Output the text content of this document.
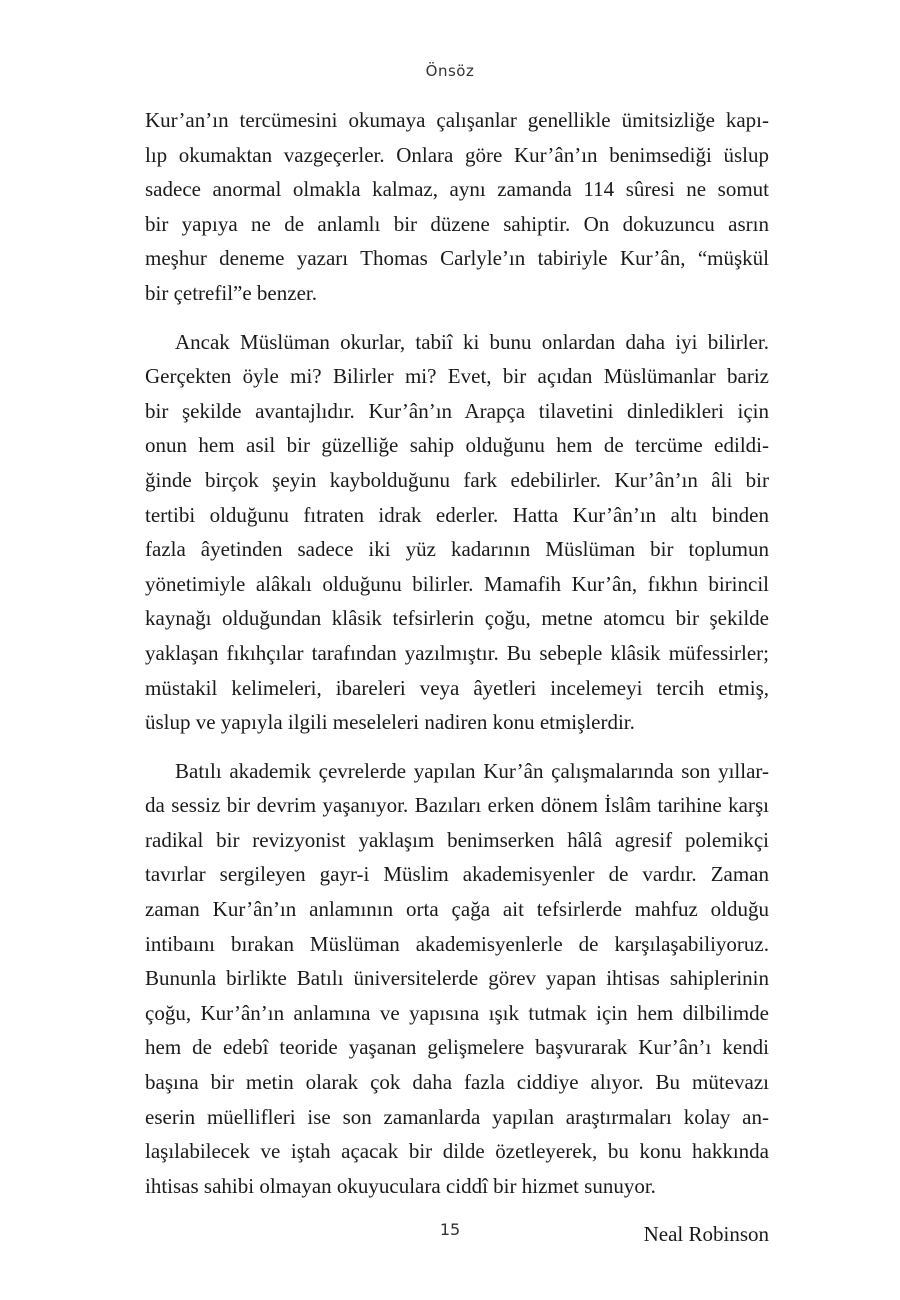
Önsöz
Kur’an’ın tercümesini okumaya çalışanlar genellikle ümitsizliğe kapı-
lıp okumaktan vazgeçerler. Onlara göre Kur’ân’ın benimsediği üslup
sadece anormal olmakla kalmaz, aynı zamanda 114 sûresi ne somut
bir yapıya ne de anlamlı bir düzene sahiptir. On dokuzuncu asrın
meşhur deneme yazarı Thomas Carlyle’ın tabiriyle Kur’ân, “müşkül
bir çetrefil”e benzer.
Ancak Müslüman okurlar, tabiî ki bunu onlardan daha iyi bilirler.
Gerçekten öyle mi? Bilirler mi? Evet, bir açıdan Müslümanlar bariz
bir şekilde avantajlıdır. Kur’ân’ın Arapça tilavetini dinledikleri için
onun hem asil bir güzelliğe sahip olduğunu hem de tercüme edildi-
ğinde birçok şeyin kaybolduğunu fark edebilirler. Kur’ân’ın âli bir
tertibi olduğunu fıtraten idrak ederler. Hatta Kur’ân’ın altı binden
fazla âyetinden sadece iki yüz kadarının Müslüman bir toplumun
yönetimiyle alâkalı olduğunu bilirler. Mamafih Kur’ân, fıkhın birincil
kaynağı olduğundan klâsik tefsirlerin çoğu, metne atomcu bir şekilde
yaklaşan fıkıhçılar tarafından yazılmıştır. Bu sebeple klâsik müfessirler;
müstakil kelimeleri, ibareleri veya âyetleri incelemeyi tercih etmiş,
üslup ve yapıyla ilgili meseleleri nadiren konu etmişlerdir.
Batılı akademik çevrelerde yapılan Kur’ân çalışmalarında son yıllar-
da sessiz bir devrim yaşanıyor. Bazıları erken dönem İslâm tarihine karşı
radikal bir revizyonist yaklaşım benimserken hâlâ agresif polemikçi
tavırlar sergileyen gayr-i Müslim akademisyenler de vardır. Zaman
zaman Kur’ân’ın anlamının orta çağa ait tefsirlerde mahfuz olduğu
intibaını bırakan Müslüman akademisyenlerle de karşılaşabiliyoruz.
Bununla birlikte Batılı üniversitelerde görev yapan ihtisas sahiplerinin
çoğu, Kur’ân’ın anlamına ve yapısına ışık tutmak için hem dilbilimde
hem de edebî teoride yaşanan gelişmelere başvurarak Kur’ân’ı kendi
başına bir metin olarak çok daha fazla ciddiye alıyor. Bu mütevazı
eserin müellifleri ise son zamanlarda yapılan araştırmaları kolay an-
laşılabilecek ve iştah açacak bir dilde özetleyerek, bu konu hakkında
ihtisas sahibi olmayan okuyuculara ciddî bir hizmet sunuyor.
Neal Robinson
15
